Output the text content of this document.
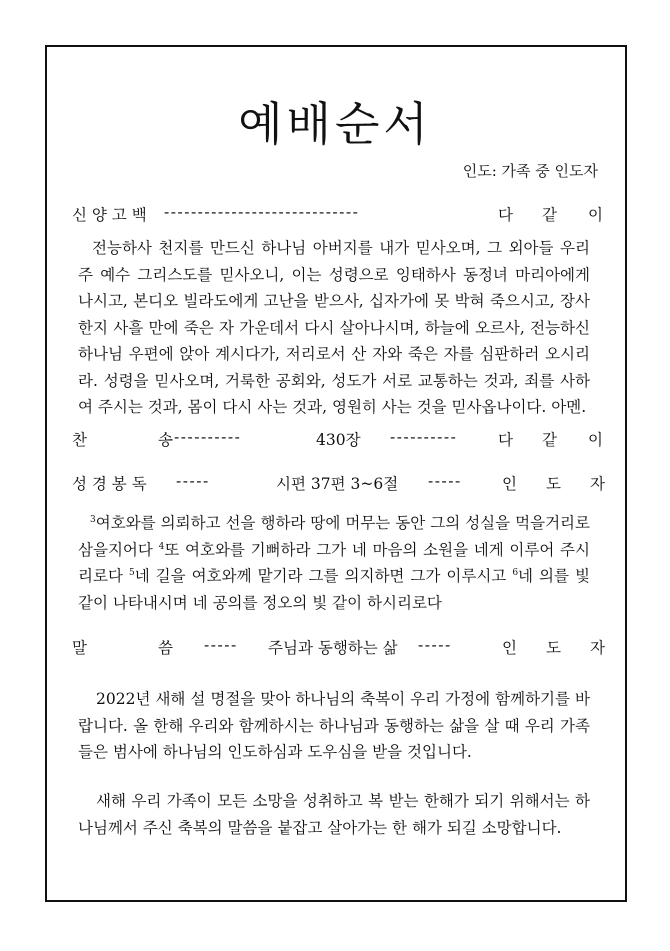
예배순서
인도: 가족 중 인도자
신 양 고 백 -----------------------------	다 같 이

전능하사 천지를 만드신 하나님 아버지를 내가 믿사오며, 그 외아들 우리 주 예수 그리스도를 믿사오니, 이는 성령으로 잉태하사 동정녀 마리아에게 나시고, 본디오 빌라도에게 고난을 받으사, 십자가에 못 박혀 죽으시고, 장사한지 사흘 만에 죽은 자 가운데서 다시 살아나시며, 하늘에 오르사, 전능하신 하나님 우편에 앉아 계시다가, 저리로서 산 자와 죽은 자를 심판하러 오시리라. 성령을 믿사오며, 거룩한 공회와, 성도가 서로 교통하는 것과, 죄를 사하여 주시는 것과, 몸이 다시 사는 것과, 영원히 사는 것을 믿사옵나이다. 아멘.

찬	송 ----------	430장 ----------	다 같 이
성 경 봉 독 -----	시편 37편 3~6절 -----	인 도 자

$^3$여호와를 의뢰하고 선을 행하라 땅에 머무는 동안 그의 성실을 먹을거리로 삼을지어다 $^4$또 여호와를 기뻐하라 그가 네 마음의 소원을 네게 이루어 주시리로다 $^5$네 길을 여호와께 맡기라 그를 의지하면 그가 이루시고 $^6$네 의를 빛같이 나타내시며 네 공의를 정오의 빛 같이 하시리로다

말	씀 ----- 주님과 동행하는 삶 -----	인 도 자

2022년 새해 설 명절을 맞아 하나님의 축복이 우리 가정에 함께하기를 바랍니다. 올 한해 우리와 함께하시는 하나님과 동행하는 삶을 살 때 우리 가족들은 범사에 하나님의 인도하심과 도우심을 받을 것입니다.

새해 우리 가족이 모든 소망을 성취하고 복 받는 한해가 되기 위해서는 하나님께서 주신 축복의 말씀을 붙잡고 살아가는 한 해가 되길 소망합니다.
